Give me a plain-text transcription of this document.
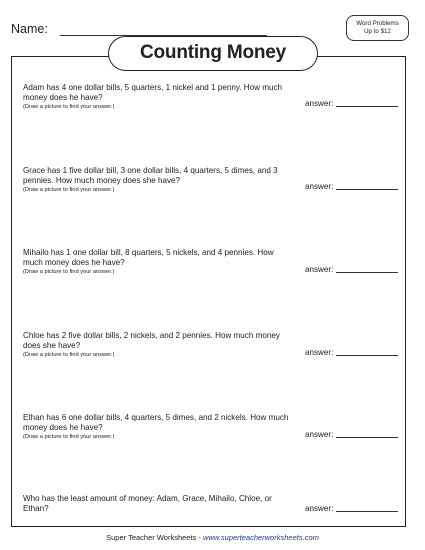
Name:	Word Problems
Up to $12
Counting Money
Adam has 4 one dollar bills, 5 quarters, 1 nickel and 1 penny. How much money does he have?
(Draw a picture to find your answer.)	answer:
Grace has 1 five dollar bill, 3 one dollar bills, 4 quarters, 5 dimes, and 3 pennies. How much money does she have?
(Draw a picture to find your answer.)	answer:
Mihailo has 1 one dollar bill, 8 quarters, 5 nickels, and 4 pennies. How much money does he have?
(Draw a picture to find your answer.)	answer:
Chloe has 2 five dollar bills, 2 nickels, and 2 pennies. How much money does she have?
(Draw a picture to find your answer.)	answer:
Ethan has 6 one dollar bills, 4 quarters, 5 dimes, and 2 nickels. How much money does he have?
(Draw a picture to find your answer.)	answer:
Who has the least amount of money: Adam, Grace, Mihailo, Chloe, or Ethan?	answer:
Super Teacher Worksheets - www.superteacherworksheets.com
